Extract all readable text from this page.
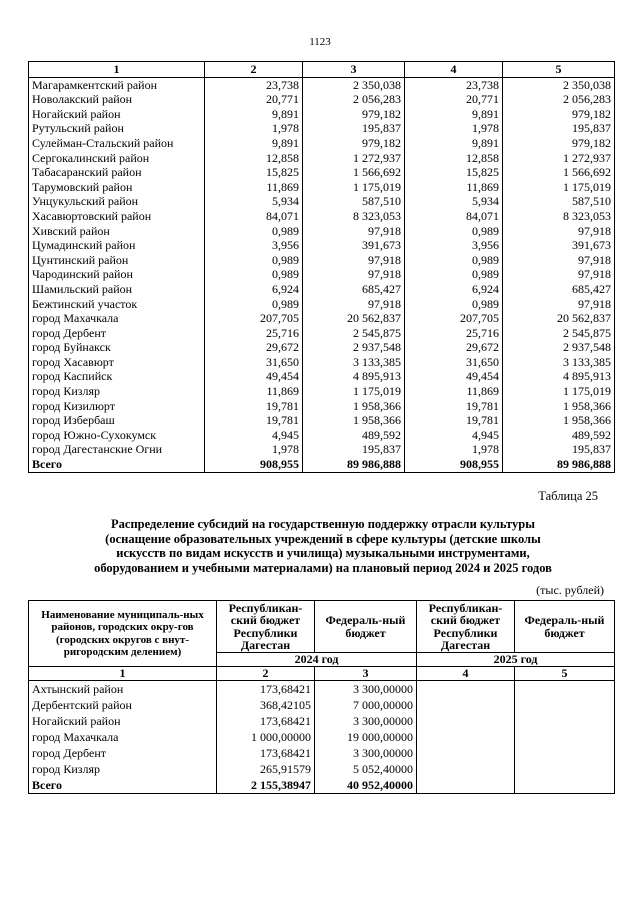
1123
1	2	3	4	5
Магарамкентский район	23,738	2 350,038	23,738	2 350,038
Новолакский район	20,771	2 056,283	20,771	2 056,283
Ногайский район	9,891	979,182	9,891	979,182
Рутульский район	1,978	195,837	1,978	195,837
Сулейман-Стальский район	9,891	979,182	9,891	979,182
Сергокалинский район	12,858	1 272,937	12,858	1 272,937
Табасаранский район	15,825	1 566,692	15,825	1 566,692
Тарумовский район	11,869	1 175,019	11,869	1 175,019
Унцукульский район	5,934	587,510	5,934	587,510
Хасавюртовский район	84,071	8 323,053	84,071	8 323,053
Хивский район	0,989	97,918	0,989	97,918
Цумадинский район	3,956	391,673	3,956	391,673
Цунтинский район	0,989	97,918	0,989	97,918
Чародинский район	0,989	97,918	0,989	97,918
Шамильский район	6,924	685,427	6,924	685,427
Бежтинский участок	0,989	97,918	0,989	97,918
город Махачкала	207,705	20 562,837	207,705	20 562,837
город Дербент	25,716	2 545,875	25,716	2 545,875
город Буйнакск	29,672	2 937,548	29,672	2 937,548
город Хасавюрт	31,650	3 133,385	31,650	3 133,385
город Каспийск	49,454	4 895,913	49,454	4 895,913
город Кизляр	11,869	1 175,019	11,869	1 175,019
город Кизилюрт	19,781	1 958,366	19,781	1 958,366
город Избербаш	19,781	1 958,366	19,781	1 958,366
город Южно-Сухокумск	4,945	489,592	4,945	489,592
город Дагестанские Огни	1,978	195,837	1,978	195,837
Всего	908,955	89 986,888	908,955	89 986,888
Таблица 25
Распределение субсидий на государственную поддержку отрасли культуры
(оснащение образовательных учреждений в сфере культуры (детские школы
искусств по видам искусств и училища) музыкальными инструментами,
оборудованием и учебными материалами) на плановый период 2024 и 2025 годов
(тыс. рублей)
Наименование муниципаль-ных районов, городских окру-гов (городских округов с внут-ригородским делением)	Республикан-ский бюджет Республики Дагестан	Федераль-ный бюджет	Республикан-ский бюджет Республики Дагестан	Федераль-ный бюджет
	2024 год		2025 год	
1	2	3	4	5
Ахтынский район	173,68421	3 300,00000		
Дербентский район	368,42105	7 000,00000		
Ногайский район	173,68421	3 300,00000		
город Махачкала	1 000,00000	19 000,00000		
город Дербент	173,68421	3 300,00000		
город Кизляр	265,91579	5 052,40000		
Всего	2 155,38947	40 952,40000		
